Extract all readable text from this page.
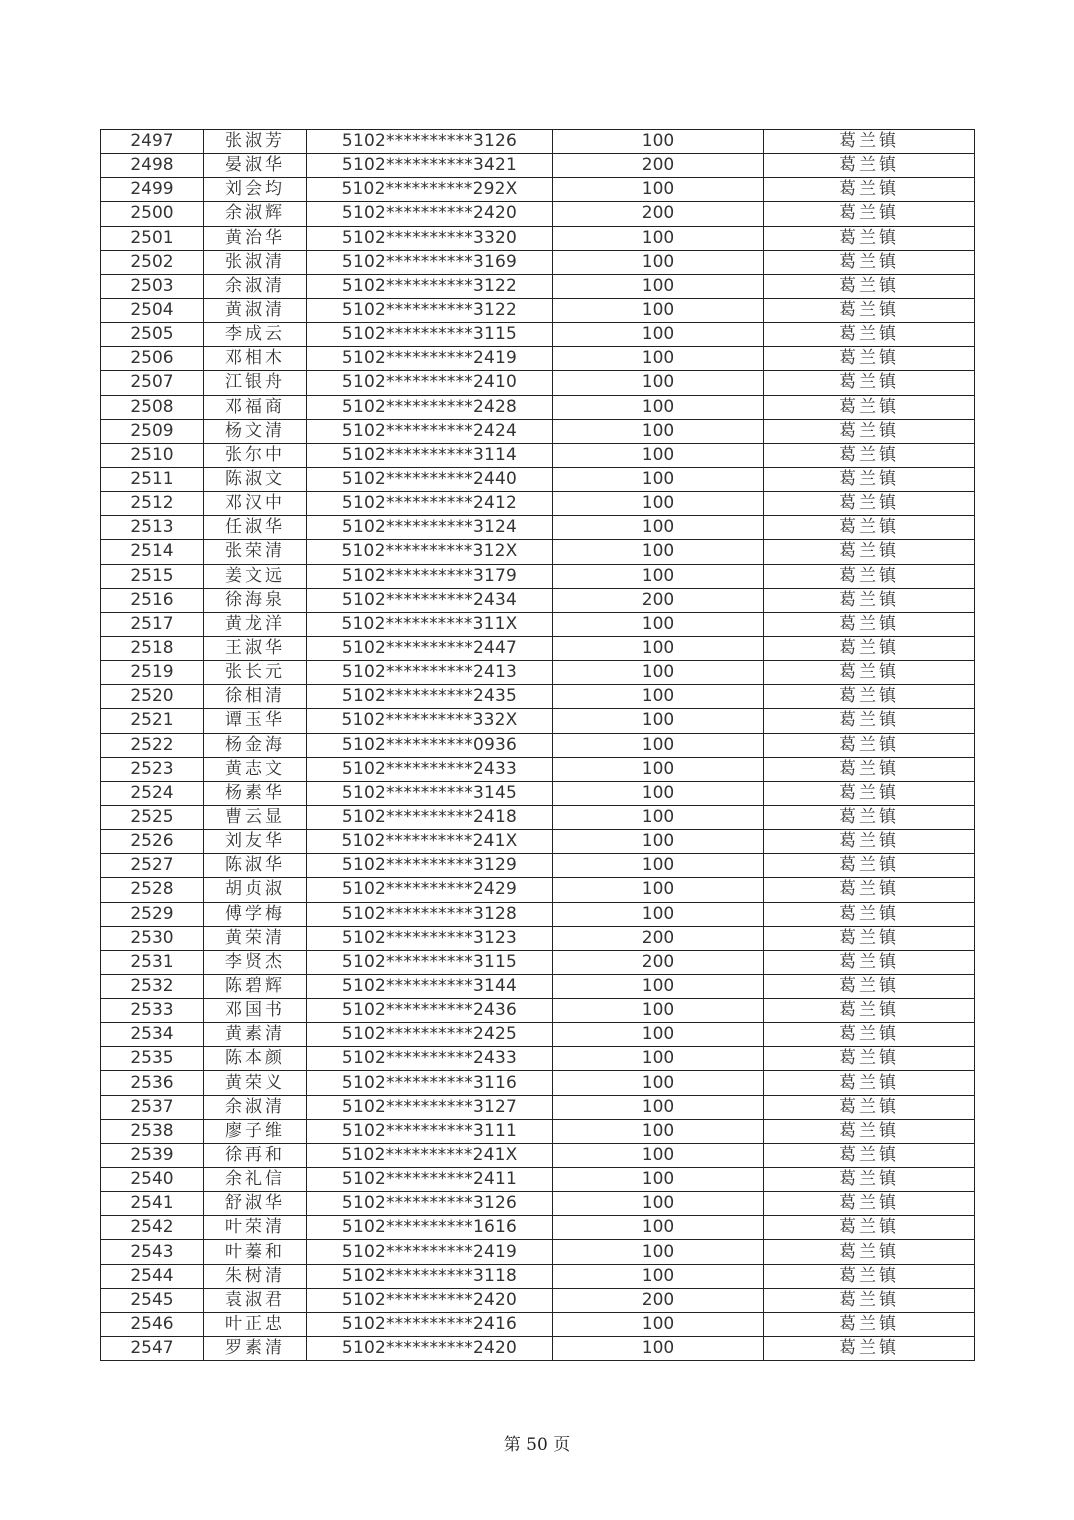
2497	张淑芳	5102**********3126	100	葛兰镇
2498	晏淑华	5102**********3421	200	葛兰镇
2499	刘会均	5102**********292X	100	葛兰镇
2500	余淑辉	5102**********2420	200	葛兰镇
2501	黄治华	5102**********3320	100	葛兰镇
2502	张淑清	5102**********3169	100	葛兰镇
2503	余淑清	5102**********3122	100	葛兰镇
2504	黄淑清	5102**********3122	100	葛兰镇
2505	李成云	5102**********3115	100	葛兰镇
2506	邓相木	5102**********2419	100	葛兰镇
2507	江银舟	5102**********2410	100	葛兰镇
2508	邓福商	5102**********2428	100	葛兰镇
2509	杨文清	5102**********2424	100	葛兰镇
2510	张尔中	5102**********3114	100	葛兰镇
2511	陈淑文	5102**********2440	100	葛兰镇
2512	邓汉中	5102**********2412	100	葛兰镇
2513	任淑华	5102**********3124	100	葛兰镇
2514	张荣清	5102**********312X	100	葛兰镇
2515	姜文远	5102**********3179	100	葛兰镇
2516	徐海泉	5102**********2434	200	葛兰镇
2517	黄龙洋	5102**********311X	100	葛兰镇
2518	王淑华	5102**********2447	100	葛兰镇
2519	张长元	5102**********2413	100	葛兰镇
2520	徐相清	5102**********2435	100	葛兰镇
2521	谭玉华	5102**********332X	100	葛兰镇
2522	杨金海	5102**********0936	100	葛兰镇
2523	黄志文	5102**********2433	100	葛兰镇
2524	杨素华	5102**********3145	100	葛兰镇
2525	曹云显	5102**********2418	100	葛兰镇
2526	刘友华	5102**********241X	100	葛兰镇
2527	陈淑华	5102**********3129	100	葛兰镇
2528	胡贞淑	5102**********2429	100	葛兰镇
2529	傅学梅	5102**********3128	100	葛兰镇
2530	黄荣清	5102**********3123	200	葛兰镇
2531	李贤杰	5102**********3115	200	葛兰镇
2532	陈碧辉	5102**********3144	100	葛兰镇
2533	邓国书	5102**********2436	100	葛兰镇
2534	黄素清	5102**********2425	100	葛兰镇
2535	陈本颜	5102**********2433	100	葛兰镇
2536	黄荣义	5102**********3116	100	葛兰镇
2537	余淑清	5102**********3127	100	葛兰镇
2538	廖子维	5102**********3111	100	葛兰镇
2539	徐再和	5102**********241X	100	葛兰镇
2540	余礼信	5102**********2411	100	葛兰镇
2541	舒淑华	5102**********3126	100	葛兰镇
2542	叶荣清	5102**********1616	100	葛兰镇
2543	叶蓁和	5102**********2419	100	葛兰镇
2544	朱树清	5102**********3118	100	葛兰镇
2545	袁淑君	5102**********2420	200	葛兰镇
2546	叶正忠	5102**********2416	100	葛兰镇
2547	罗素清	5102**********2420	100	葛兰镇
第 50 页
